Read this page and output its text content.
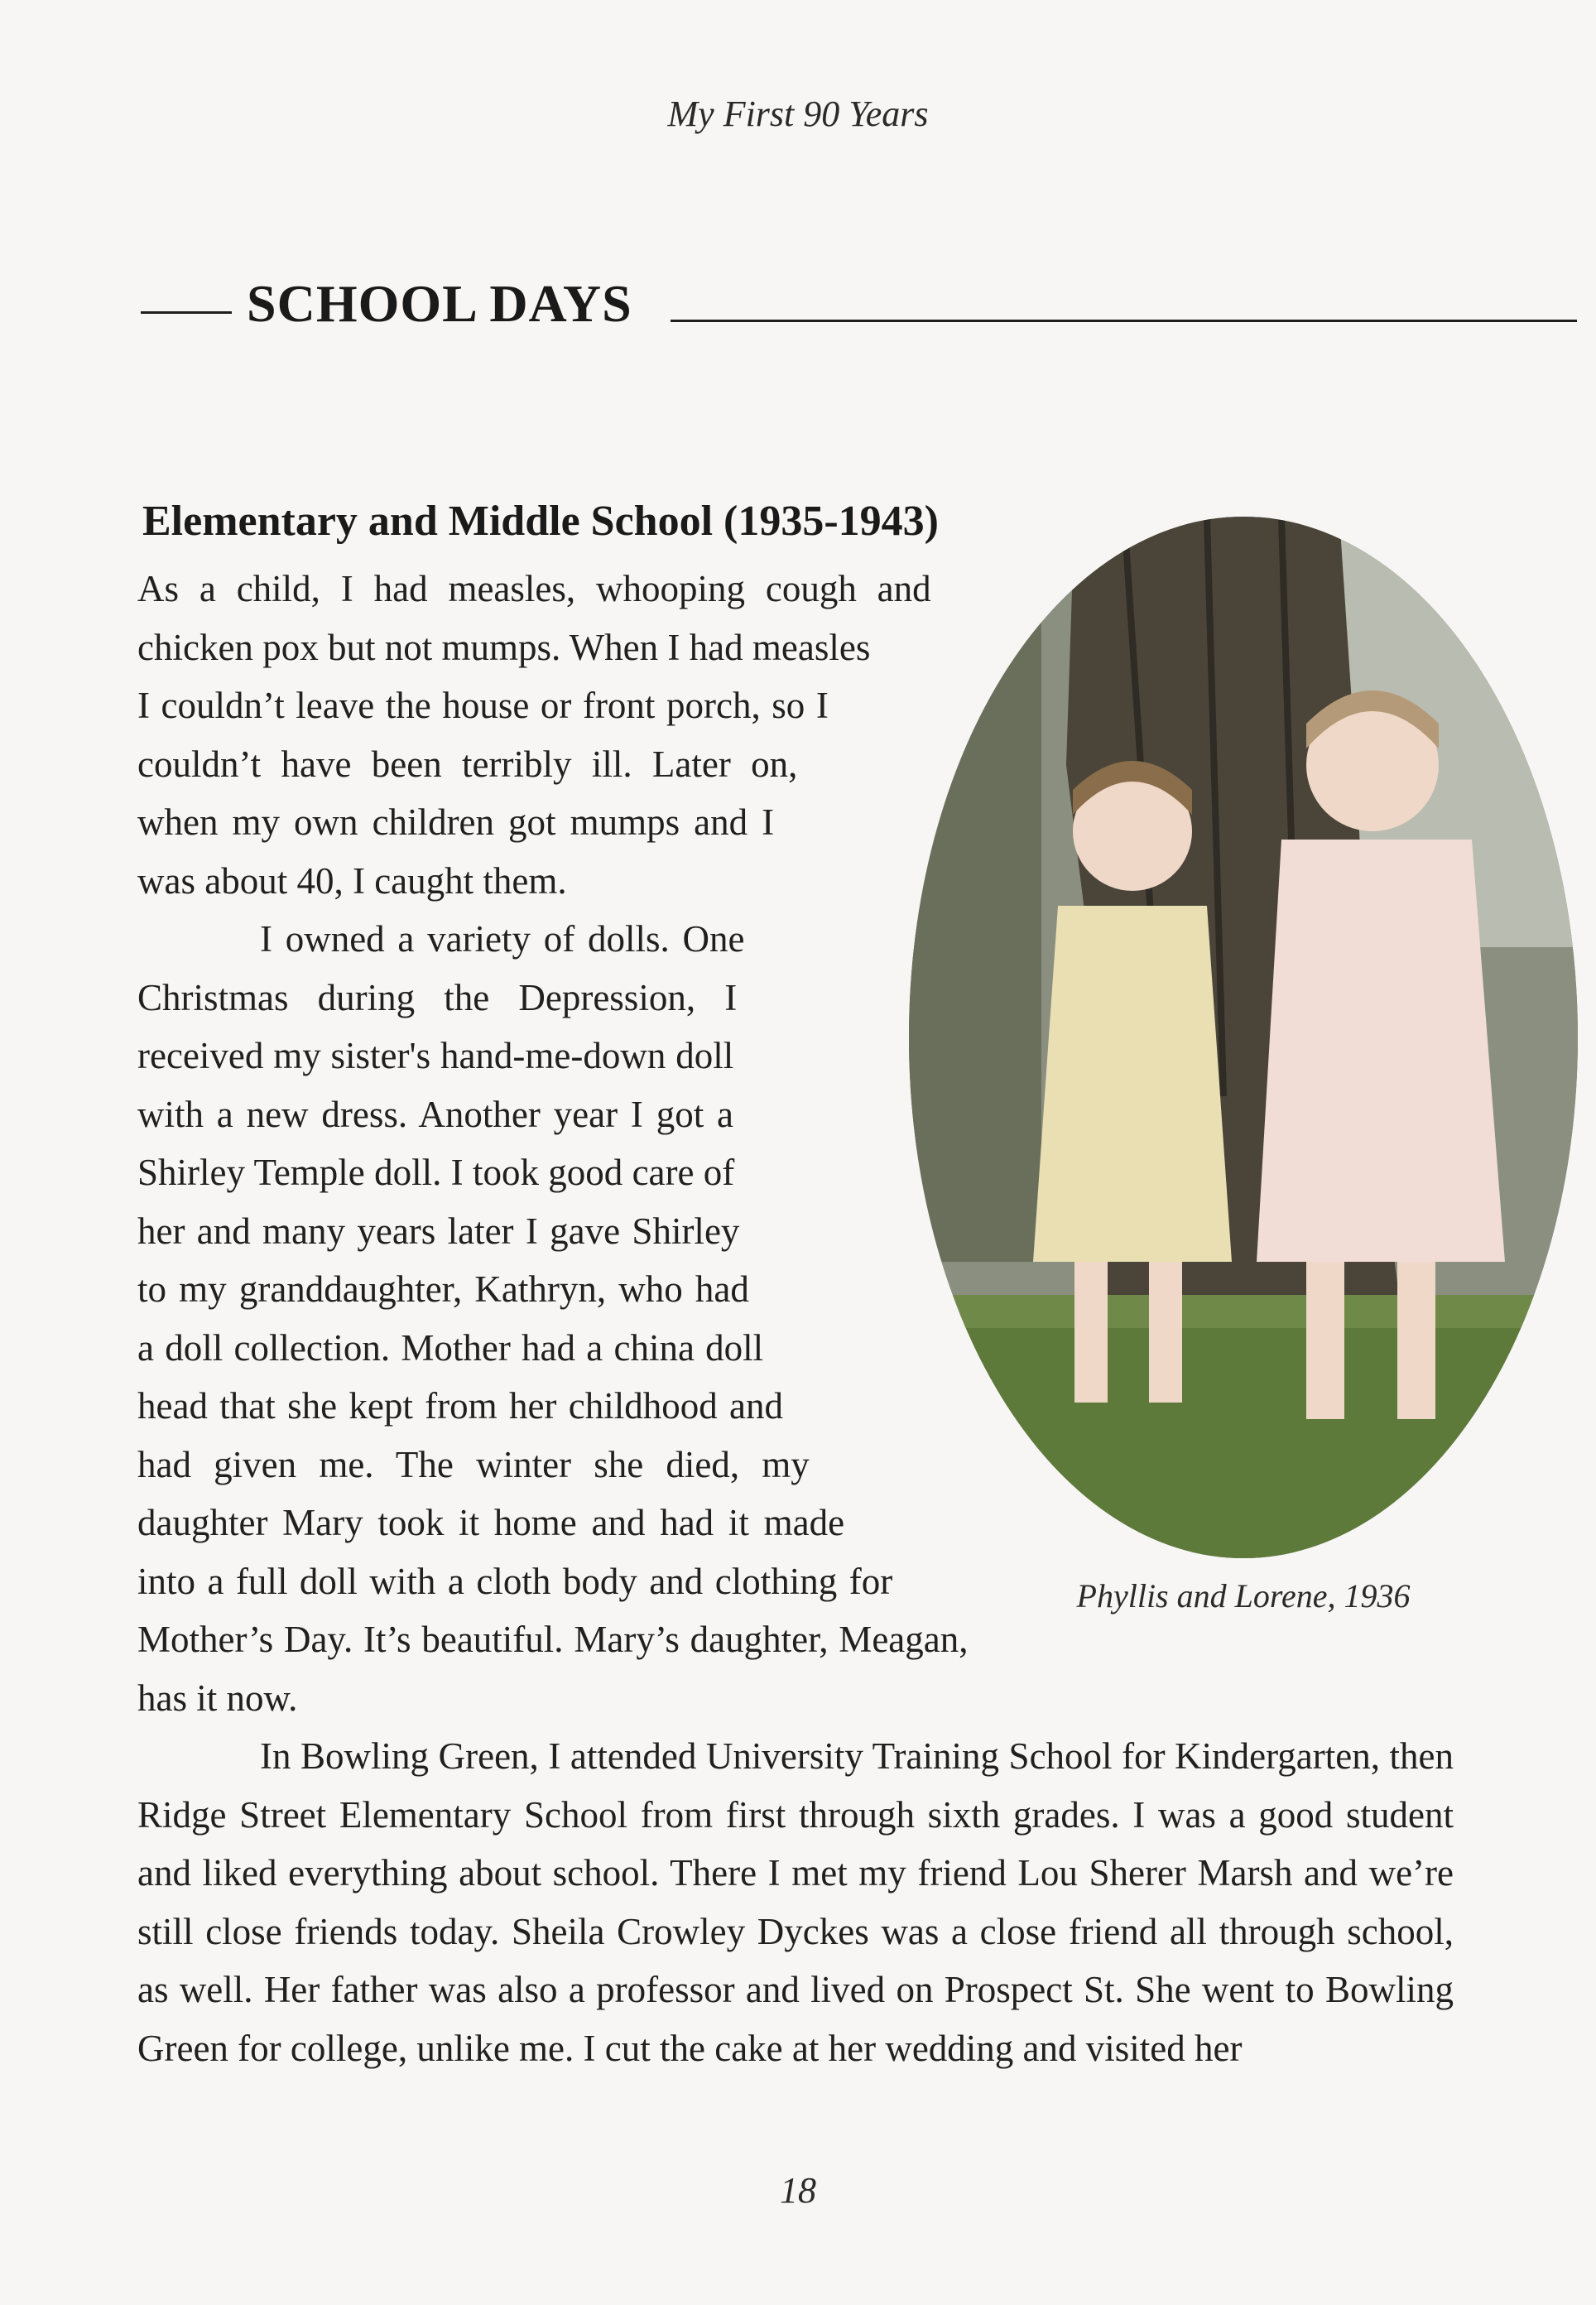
My First 90 Years
SCHOOL DAYS
Elementary and Middle School (1935-1943)

As a child, I had measles, whooping cough and chicken pox but not mumps. When I had measles I couldn’t leave the house or front porch, so I couldn’t have been terribly ill. Later on, when my own children got mumps and I was about 40, I caught them.

I owned a variety of dolls. One Christmas during the Depression, I received my sister's hand-me-down doll with a new dress. Another year I got a Shirley Temple doll. I took good care of her and many years later I gave Shirley to my granddaughter, Kathryn, who had a doll collection. Mother had a china doll head that she kept from her childhood and had given me. The winter she died, my daughter Mary took it home and had it made into a full doll with a cloth body and clothing for Mother’s Day. It’s beautiful. Mary’s daughter, Meagan, has it now.

In Bowling Green, I attended University Training School for Kindergarten, then Ridge Street Elementary School from first through sixth grades. I was a good student and liked everything about school. There I met my friend Lou Sherer Marsh and we’re still close friends today. Sheila Crowley Dyckes was a close friend all through school, as well. Her father was also a professor and lived on Prospect St. She went to Bowling Green for college, unlike me. I cut the cake at her wedding and visited her

Phyllis and Lorene, 1936
18
